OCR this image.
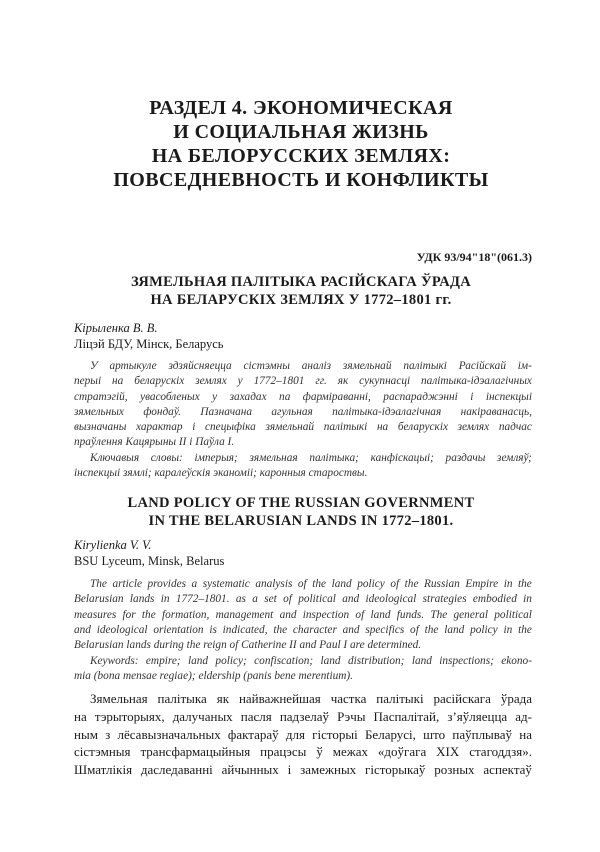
РАЗДЕЛ 4. ЭКОНОМИЧЕСКАЯ
И СОЦИАЛЬНАЯ ЖИЗНЬ
НА БЕЛОРУССКИХ ЗЕМЛЯХ:
ПОВСЕДНЕВНОСТЬ И КОНФЛИКТЫ
УДК 93/94"18"(061.3)
ЗЯМЕЛЬНАЯ ПАЛІТЫКА РАСІЙСКАГА ЎРАДА
НА БЕЛАРУСКІХ ЗЕМЛЯХ У 1772–1801 гг.
Кірыленка В. В.
Ліцэй БДУ, Мінск, Беларусь
У артыкуле здзяйсняецца сістэмны аналіз зямельнай палітыкі Расійскай ім-
перыі на беларускіх землях у 1772–1801 гг. як сукупнасці палітыка-ідэалагічных
стратэгій, увасобленых у захадах па фарміраванні, распараджэнні і інспекцыі
зямельных фондаў. Пазначана агульная палітыка-ідэалагічная накіраванасць,
вызначаны характар і спецыфіка зямельнай палітыкі на беларускіх землях падчас
праўлення Кацярыны ІІ і Паўла І.
Ключавыя словы: імперыя; зямельная палітыка; канфіскацыі; раздачы земляў;
інспекцыі зямлі; каралеўскія эканоміі; каронныя староствы.
LAND POLICY OF THE RUSSIAN GOVERNMENT
IN THE BELARUSIAN LANDS IN 1772–1801.
Kirylienka V. V.
BSU Lyceum, Minsk, Belarus
The article provides a systematic analysis of the land policy of the Russian Empire in the
Belarusian lands in 1772–1801. as a set of political and ideological strategies embodied in
measures for the formation, management and inspection of land funds. The general political
and ideological orientation is indicated, the character and specifics of the land policy in the
Belarusian lands during the reign of Catherine II and Paul I are determined.
Keywords: empire; land policy; confiscation; land distribution; land inspections; ekono-
mia (bona mensae regiae); eldership (panis bene merentium).
Зямельная палітыка як найважнейшая частка палітыкі расійскага ўрада
на тэрыторыях, далучаных пасля падзелаў Рэчы Паспалітай, з’яўляецца ад-
ным з лёсавызначальных фактараў для гісторыі Беларусі, што паўплываў на
сістэмныя трансфармацыйныя працэсы ў межах «доўгага XIX стагоддзя».
Шматлікія даследаванні айчынных і замежных гісторыкаў розных аспектаў
